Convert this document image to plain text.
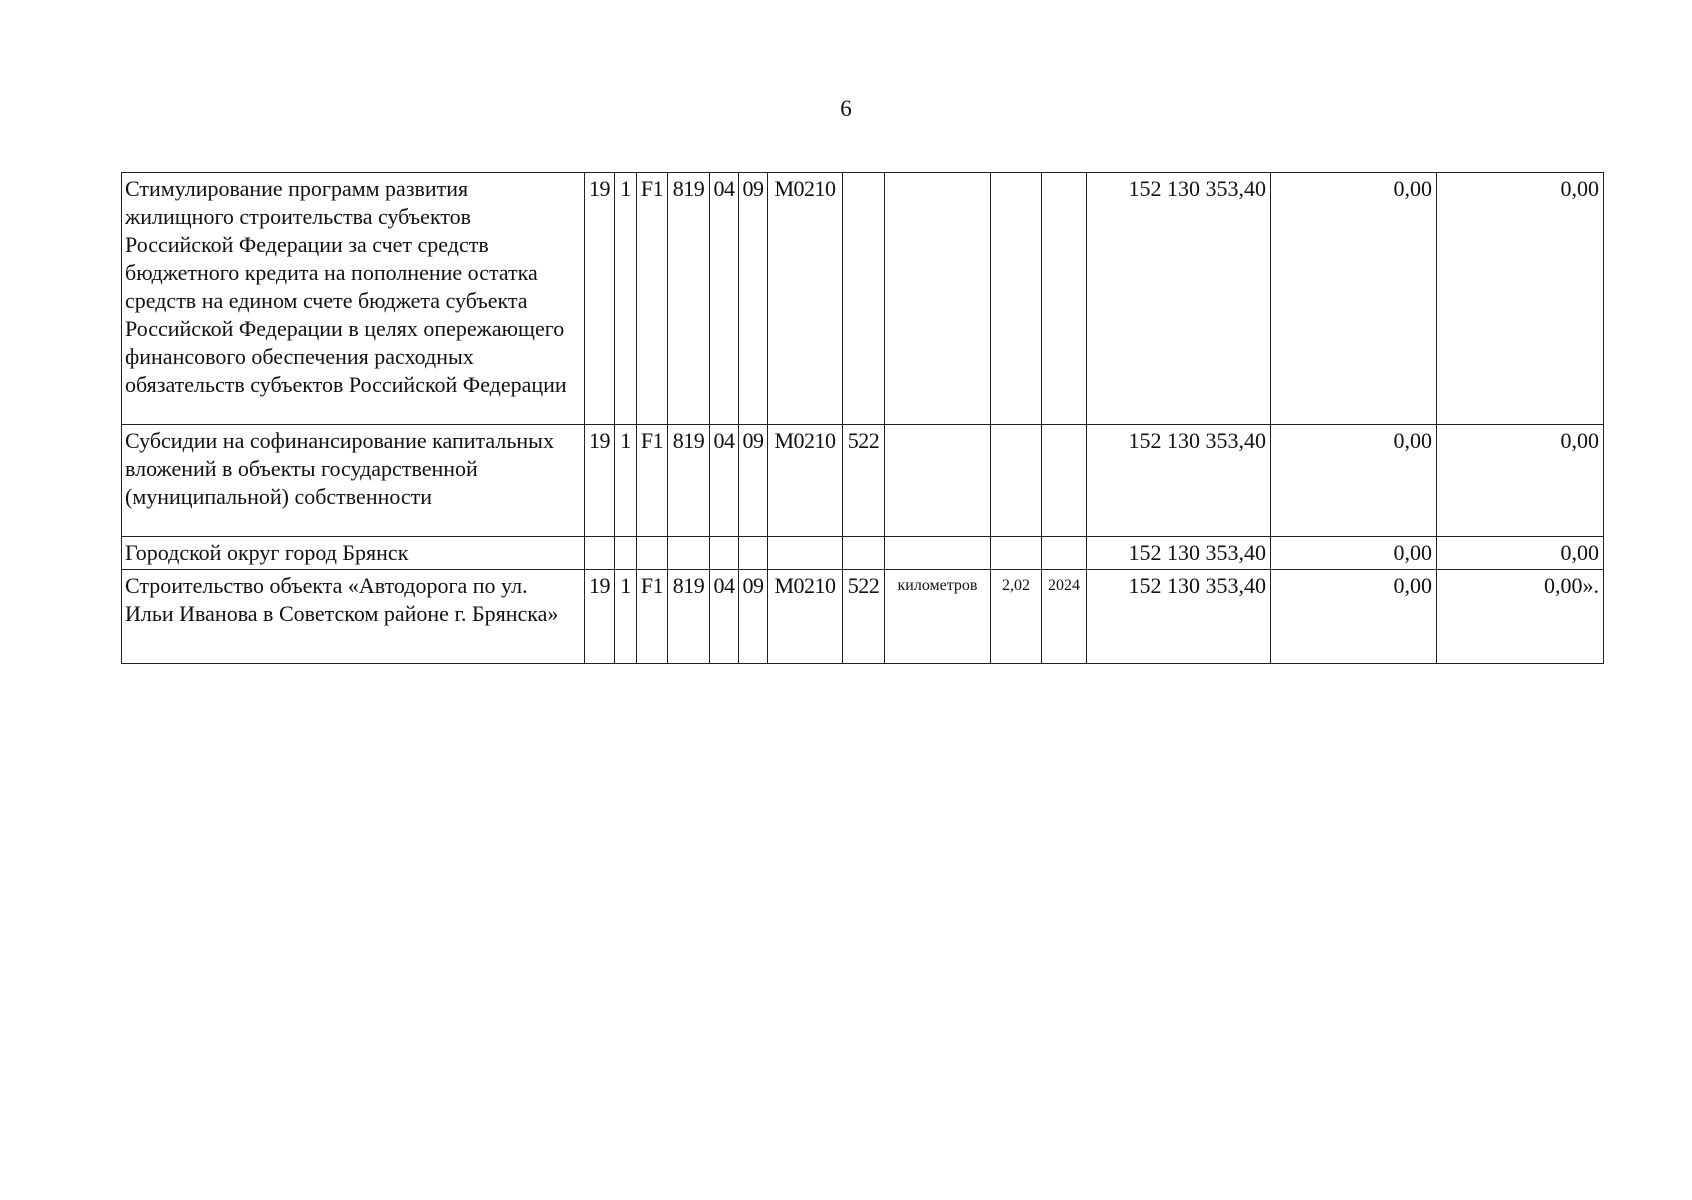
6
Стимулирование программ развития жилищного строительства субъектов Российской Федерации за счет средств бюджетного кредита на пополнение остатка средств на едином счете бюджета субъекта Российской Федерации в целях опережающего финансового обеспечения расходных обязательств субъектов Российской Федерации	19	1	F1	819	04	09	М0210					152 130 353,40	0,00	0,00
Субсидии на софинансирование капитальных вложений в объекты государственной (муниципальной) собственности	19	1	F1	819	04	09	М0210	522				152 130 353,40	0,00	0,00
Городской округ город Брянск												152 130 353,40	0,00	0,00
Строительство объекта «Автодорога по ул. Ильи Иванова в Советском районе г. Брянска»	19	1	F1	819	04	09	М0210	522	километров	2,02	2024	152 130 353,40	0,00	0,00».
